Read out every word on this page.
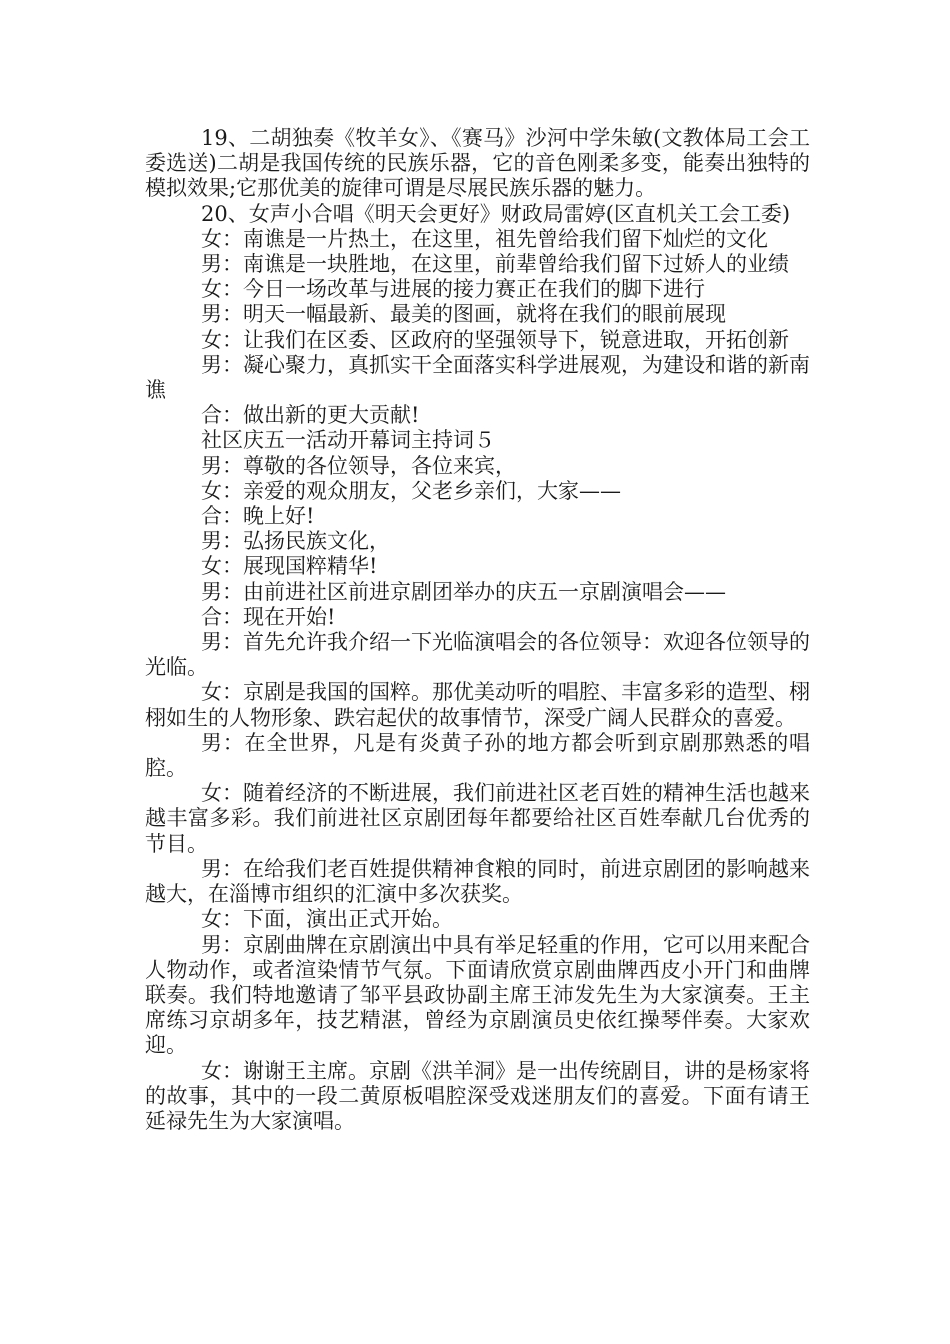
19、二胡独奏《牧羊女》、《赛马》沙河中学朱敏(文教体局工会工委选送)二胡是我国传统的民族乐器，它的音色刚柔多变，能奏出独特的模拟效果;它那优美的旋律可谓是尽展民族乐器的魅力。

20、女声小合唱《明天会更好》财政局雷婷(区直机关工会工委)

女：南谯是一片热土，在这里，祖先曾给我们留下灿烂的文化

男：南谯是一块胜地，在这里，前辈曾给我们留下过娇人的业绩

女：今日一场改革与进展的接力赛正在我们的脚下进行

男：明天一幅最新、最美的图画，就将在我们的眼前展现

女：让我们在区委、区政府的坚强领导下，锐意进取，开拓创新

男：凝心聚力，真抓实干全面落实科学进展观，为建设和谐的新南谯

合：做出新的更大贡献!

社区庆五一活动开幕词主持词５

男：尊敬的各位领导，各位来宾，

女：亲爱的观众朋友，父老乡亲们，大家——

合：晚上好!

男：弘扬民族文化，

女：展现国粹精华!

男：由前进社区前进京剧团举办的庆五一京剧演唱会——

合：现在开始!

男：首先允许我介绍一下光临演唱会的各位领导：欢迎各位领导的光临。

女：京剧是我国的国粹。那优美动听的唱腔、丰富多彩的造型、栩栩如生的人物形象、跌宕起伏的故事情节，深受广阔人民群众的喜爱。

男：在全世界，凡是有炎黄子孙的地方都会听到京剧那熟悉的唱腔。

女：随着经济的不断进展，我们前进社区老百姓的精神生活也越来越丰富多彩。我们前进社区京剧团每年都要给社区百姓奉献几台优秀的节目。

男：在给我们老百姓提供精神食粮的同时，前进京剧团的影响越来越大，在淄博市组织的汇演中多次获奖。

女：下面，演出正式开始。

男：京剧曲牌在京剧演出中具有举足轻重的作用，它可以用来配合人物动作，或者渲染情节气氛。下面请欣赏京剧曲牌西皮小开门和曲牌联奏。我们特地邀请了邹平县政协副主席王沛发先生为大家演奏。王主席练习京胡多年，技艺精湛，曾经为京剧演员史依红操琴伴奏。大家欢迎。

女：谢谢王主席。京剧《洪羊洞》是一出传统剧目，讲的是杨家将的故事，其中的一段二黄原板唱腔深受戏迷朋友们的喜爱。下面有请王延禄先生为大家演唱。
